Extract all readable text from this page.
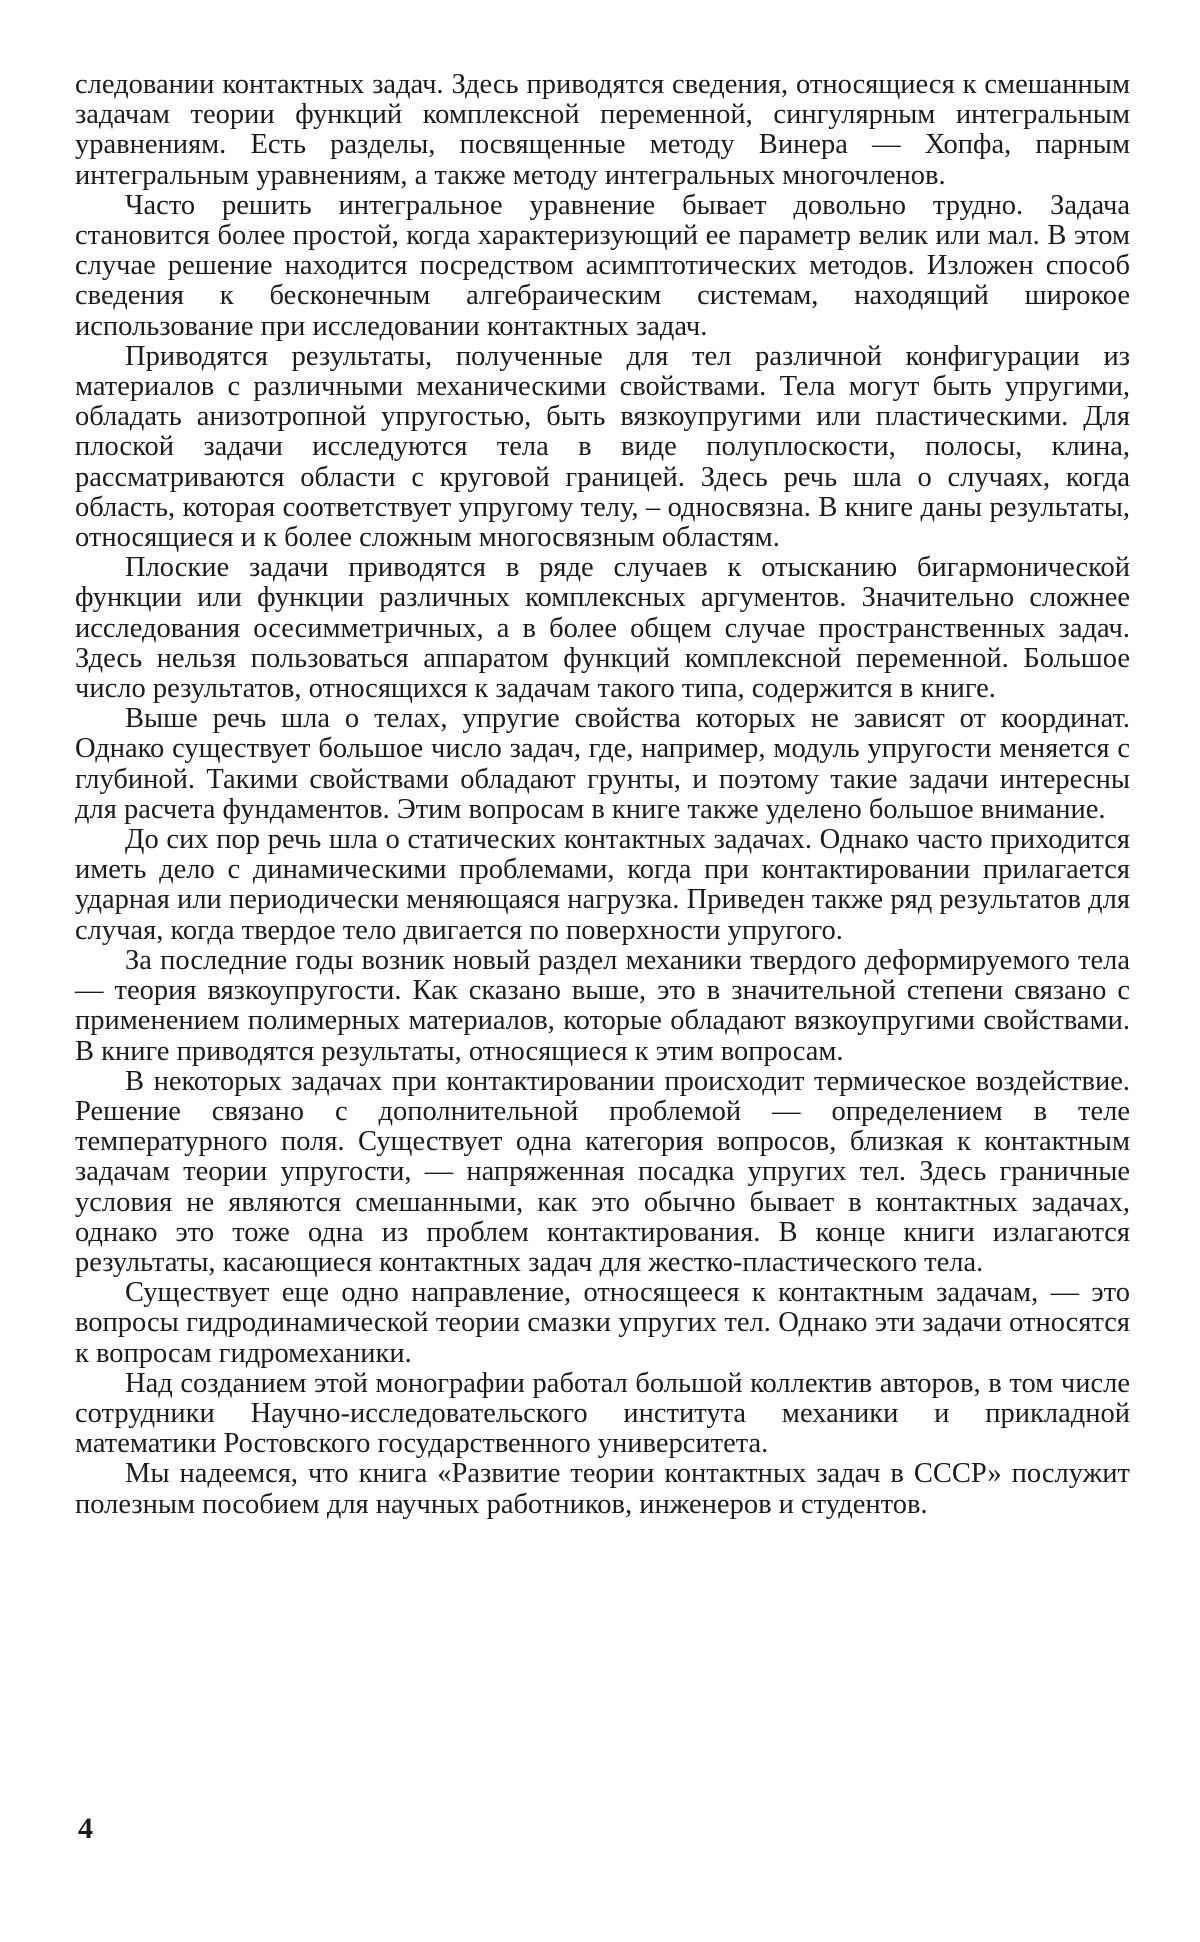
следовании контактных задач. Здесь приводятся сведения, относящиеся к смешанным задачам теории функций комплексной переменной, сингулярным интегральным уравнениям. Есть разделы, посвященные методу Винера — Хопфа, парным интегральным уравнениям, а также методу интегральных многочленов.

Часто решить интегральное уравнение бывает довольно трудно. Задача становится более простой, когда характеризующий ее параметр велик или мал. В этом случае решение находится посредством асимптотических методов. Изложен способ сведения к бесконечным алгебраическим системам, находящий широкое использование при исследовании контактных задач.

Приводятся результаты, полученные для тел различной конфигурации из материалов с различными механическими свойствами. Тела могут быть упругими, обладать анизотропной упругостью, быть вязкоупругими или пластическими. Для плоской задачи исследуются тела в виде полуплоскости, полосы, клина, рассматриваются области с круговой границей. Здесь речь шла о случаях, когда область, которая соответствует упругому телу, – односвязна. В книге даны результаты, относящиеся и к более сложным многосвязным областям.

Плоские задачи приводятся в ряде случаев к отысканию бигармонической функции или функции различных комплексных аргументов. Значительно сложнее исследования осесимметричных, а в более общем случае пространственных задач. Здесь нельзя пользоваться аппаратом функций комплексной переменной. Большое число результатов, относящихся к задачам такого типа, содержится в книге.

Выше речь шла о телах, упругие свойства которых не зависят от координат. Однако существует большое число задач, где, например, модуль упругости меняется с глубиной. Такими свойствами обладают грунты, и поэтому такие задачи интересны для расчета фундаментов. Этим вопросам в книге также уделено большое внимание.

До сих пор речь шла о статических контактных задачах. Однако часто приходится иметь дело с динамическими проблемами, когда при контактировании прилагается ударная или периодически меняющаяся нагрузка. Приведен также ряд результатов для случая, когда твердое тело двигается по поверхности упругого.

За последние годы возник новый раздел механики твердого деформируемого тела — теория вязкоупругости. Как сказано выше, это в значительной степени связано с применением полимерных материалов, которые обладают вязкоупругими свойствами. В книге приводятся результаты, относящиеся к этим вопросам.

В некоторых задачах при контактировании происходит термическое воздействие. Решение связано с дополнительной проблемой — определением в теле температурного поля. Существует одна категория вопросов, близкая к контактным задачам теории упругости, — напряженная посадка упругих тел. Здесь граничные условия не являются смешанными, как это обычно бывает в контактных задачах, однако это тоже одна из проблем контактирования. В конце книги излагаются результаты, касающиеся контактных задач для жестко-пластического тела.

Существует еще одно направление, относящееся к контактным задачам, — это вопросы гидродинамической теории смазки упругих тел. Однако эти задачи относятся к вопросам гидромеханики.

Над созданием этой монографии работал большой коллектив авторов, в том числе сотрудники Научно-исследовательского института механики и прикладной математики Ростовского государственного университета.

Мы надеемся, что книга «Развитие теории контактных задач в СССР» послужит полезным пособием для научных работников, инженеров и студентов.

4
